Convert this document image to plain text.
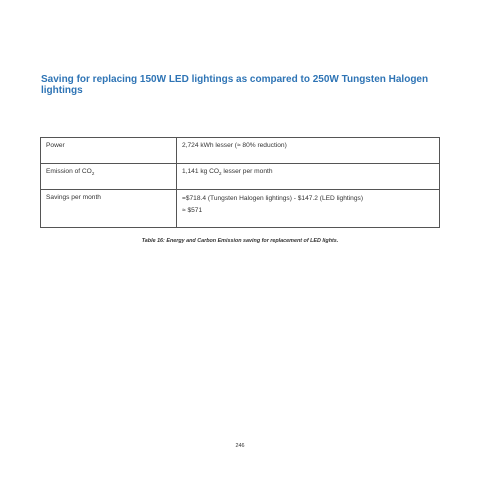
Saving for replacing 150W LED lightings as compared to 250W Tungsten Halogen lightings
Power	2,724 kWh lesser (≈ 80% reduction)
Emission of $CO_2$	1,141 kg $CO_2$ lesser per month
Savings per month	=$718.4 (Tungsten Halogen lightings) - $147.2 (LED lightings)
≈ $571
Table 16: Energy and Carbon Emission saving for replacement of LED lights.
246
